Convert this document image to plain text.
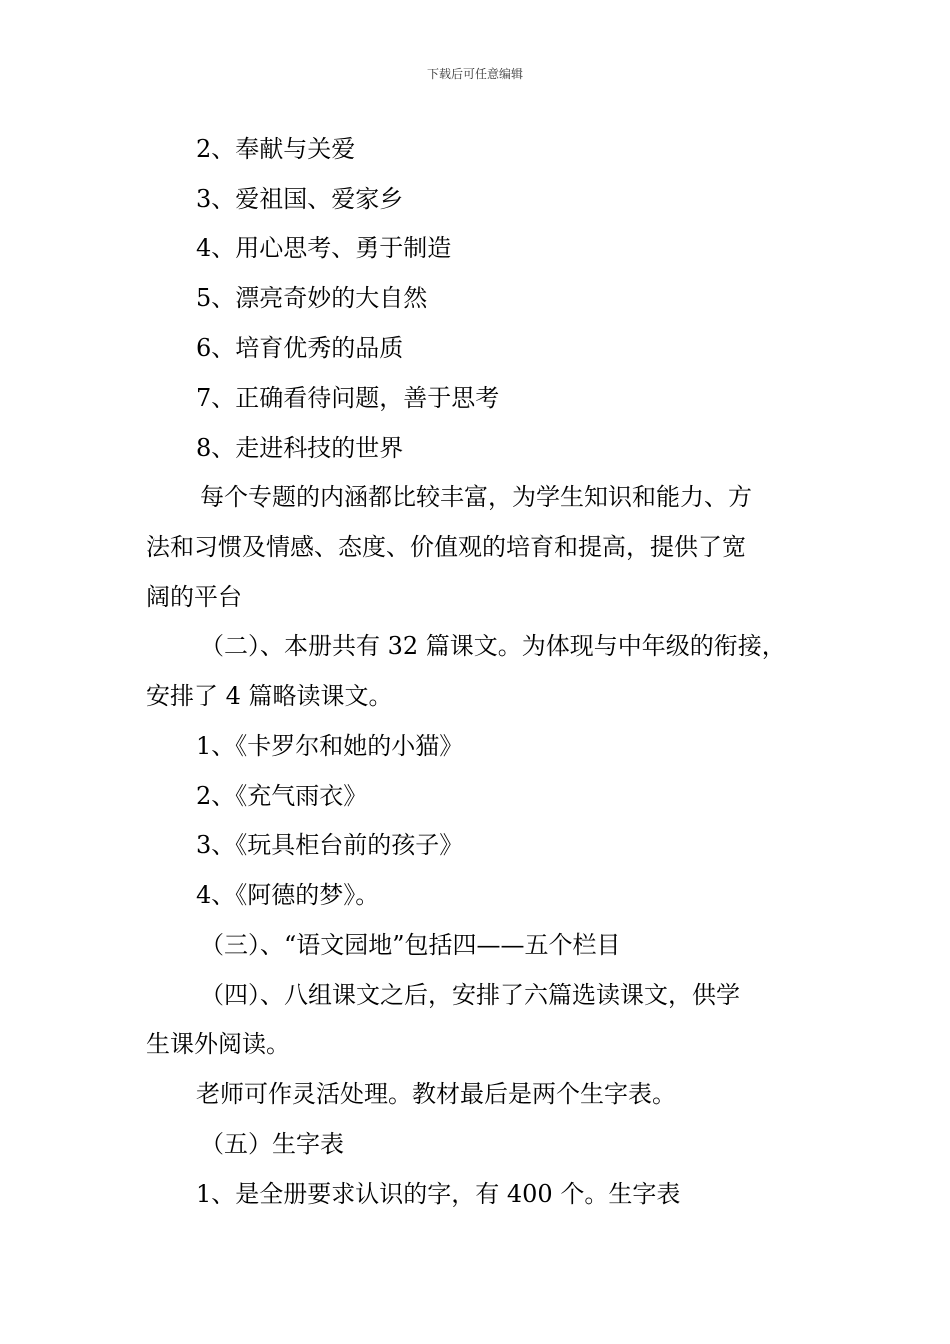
下载后可任意编辑
2、奉献与关爱
3、爱祖国、爱家乡
4、用心思考、勇于制造
5、漂亮奇妙的大自然
6、培育优秀的品质
7、正确看待问题，善于思考
8、走进科技的世界
每个专题的内涵都比较丰富，为学生知识和能力、方
法和习惯及情感、态度、价值观的培育和提高，提供了宽
阔的平台
（二）、本册共有 32 篇课文。为体现与中年级的衔接，
安排了 4 篇略读课文。
1、《卡罗尔和她的小猫》
2、《充气雨衣》
3、《玩具柜台前的孩子》
4、《阿德的梦》。
（三）、“语文园地”包括四——五个栏目
（四）、八组课文之后，安排了六篇选读课文，供学
生课外阅读。
老师可作灵活处理。教材最后是两个生字表。
（五）生字表
1、是全册要求认识的字，有 400 个。生字表
